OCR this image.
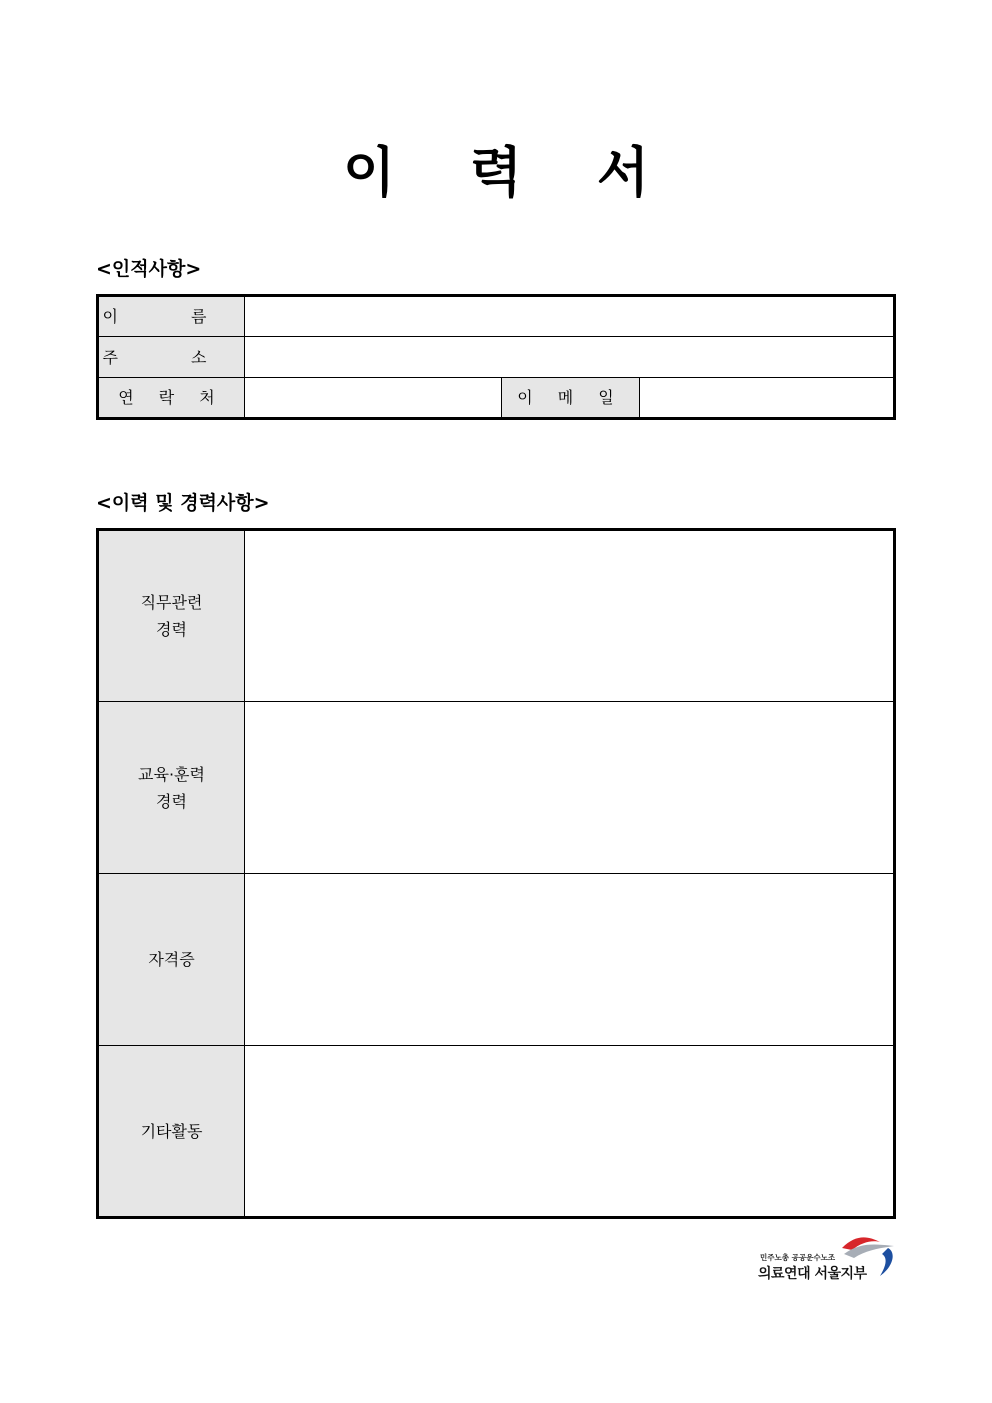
이 력 서
<인적사항>
이 름			
주 소			
연 락 처		이 메 일	
<이력 및 경력사항>
직무관련
경력	

교육·훈력
경력	

자격증	

기타활동	

민주노총 공공운수노조
의료연대 서울지부
